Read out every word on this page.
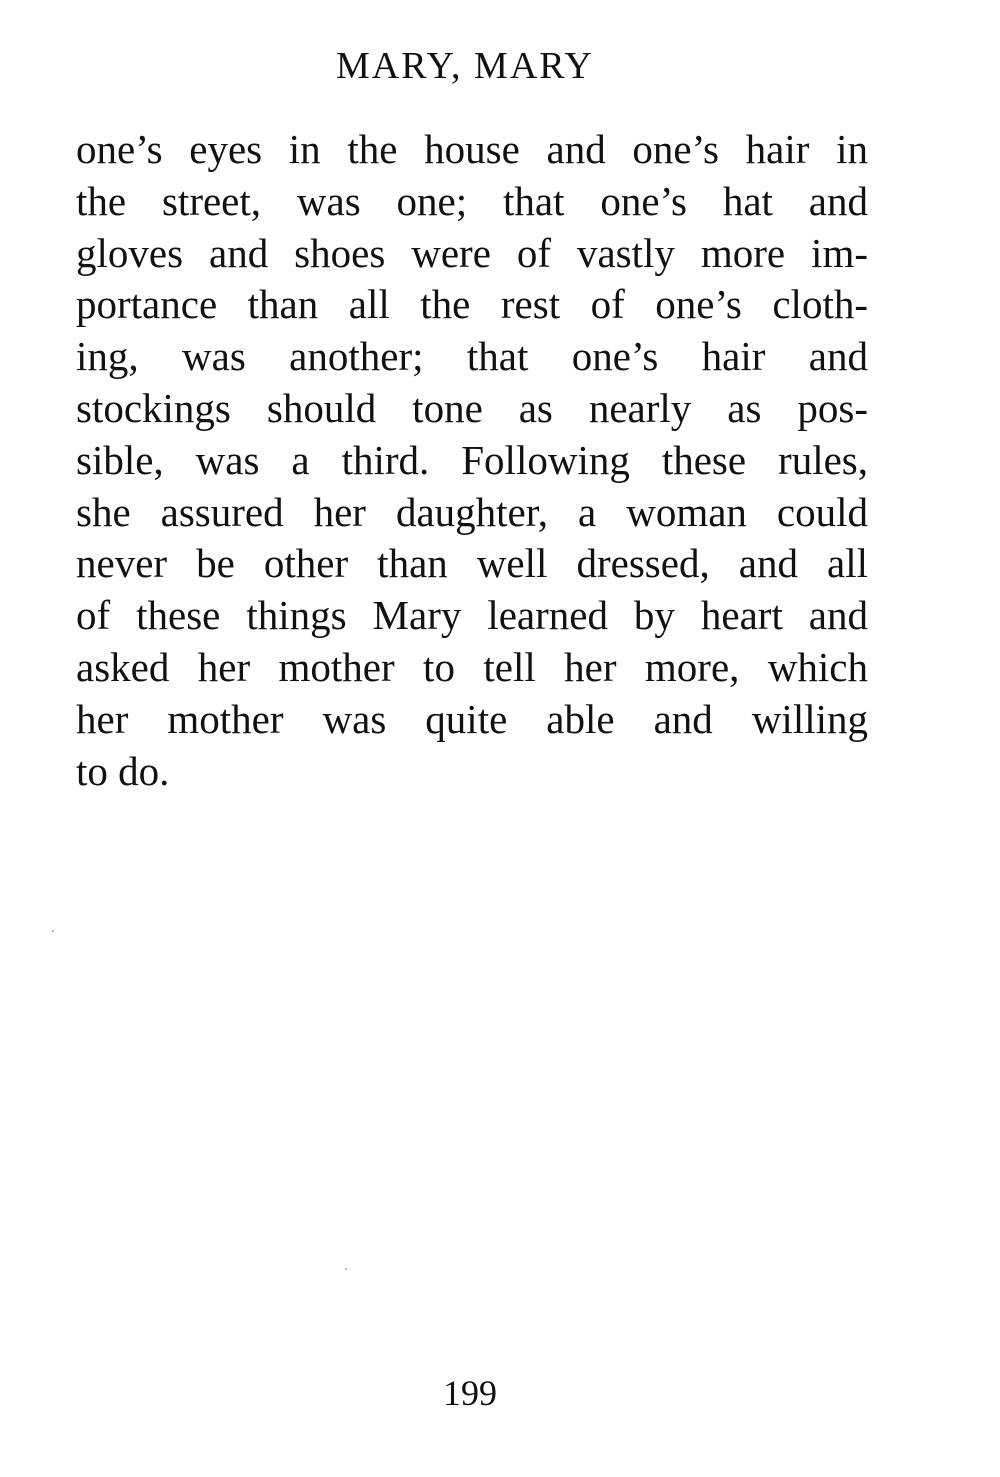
MARY, MARY
one’s eyes in the house and one’s hair in
the street, was one; that one’s hat and
gloves and shoes were of vastly more im-
portance than all the rest of one’s cloth-
ing, was another; that one’s hair and
stockings should tone as nearly as pos-
sible, was a third. Following these rules,
she assured her daughter, a woman could
never be other than well dressed, and all
of these things Mary learned by heart and
asked her mother to tell her more, which
her mother was quite able and willing
to do.
199
